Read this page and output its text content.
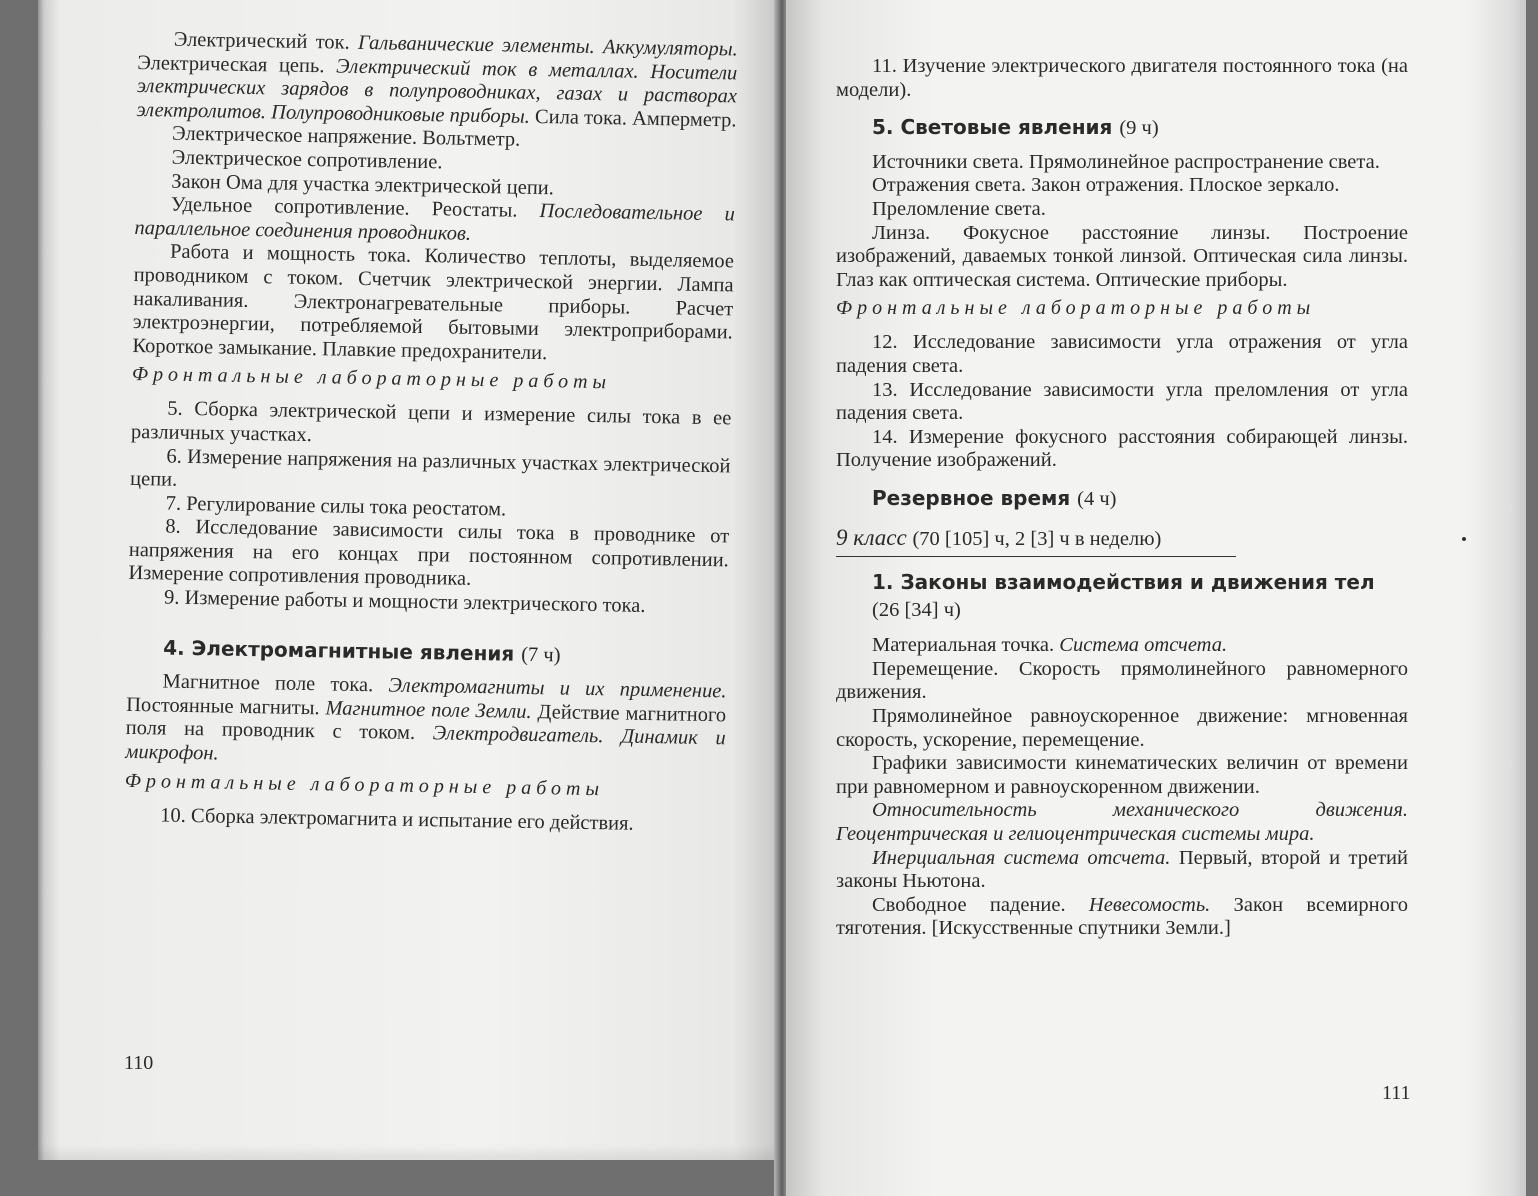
Электрический ток. Гальванические элементы. Аккумуляторы. Электрическая цепь. Электрический ток в металлах. Носители электрических зарядов в полупроводниках, газах и растворах электролитов. Полупроводниковые приборы. Сила тока. Амперметр.

Электрическое напряжение. Вольтметр.

Электрическое сопротивление.

Закон Ома для участка электрической цепи.

Удельное сопротивление. Реостаты. Последовательное и параллельное соединения проводников.

Работа и мощность тока. Количество теплоты, выделяемое проводником с током. Счетчик электрической энергии. Лампа накаливания. Электронагревательные приборы. Расчет электроэнергии, потребляемой бытовыми электроприборами. Короткое замыкание. Плавкие предохранители.

Фронтальные лабораторные работы

5. Сборка электрической цепи и измерение силы тока в ее различных участках.

6. Измерение напряжения на различных участках электрической цепи.

7. Регулирование силы тока реостатом.

8. Исследование зависимости силы тока в проводнике от напряжения на его концах при постоянном сопротивлении. Измерение сопротивления проводника.

9. Измерение работы и мощности электрического тока.

4. Электромагнитные явления (7 ч)

Магнитное поле тока. Электромагниты и их применение. Постоянные магниты. Магнитное поле Земли. Действие магнитного поля на проводник с током. Электродвигатель. Динамик и микрофон.

Фронтальные лабораторные работы

10. Сборка электромагнита и испытание его действия.

110

11. Изучение электрического двигателя постоянного тока (на модели).

5. Световые явления (9 ч)

Источники света. Прямолинейное распространение света.

Отражения света. Закон отражения. Плоское зеркало.

Преломление света.

Линза. Фокусное расстояние линзы. Построение изображений, даваемых тонкой линзой. Оптическая сила линзы. Глаз как оптическая система. Оптические приборы.

Фронтальные лабораторные работы

12. Исследование зависимости угла отражения от угла падения света.

13. Исследование зависимости угла преломления от угла падения света.

14. Измерение фокусного расстояния собирающей линзы. Получение изображений.

Резервное время (4 ч)
9 класс (70 [105] ч, 2 [3] ч в неделю)
1. Законы взаимодействия и движения тел

(26 [34] ч)

Материальная точка. Система отсчета.

Перемещение. Скорость прямолинейного равномерного движения.

Прямолинейное равноускоренное движение: мгновенная скорость, ускорение, перемещение.

Графики зависимости кинематических величин от времени при равномерном и равноускоренном движении.

Относительность механического движения. Геоцентрическая и гелиоцентрическая системы мира.

Инерциальная система отсчета. Первый, второй и третий законы Ньютона.

Свободное падение. Невесомость. Закон всемирного тяготения. [Искусственные спутники Земли.]

111
